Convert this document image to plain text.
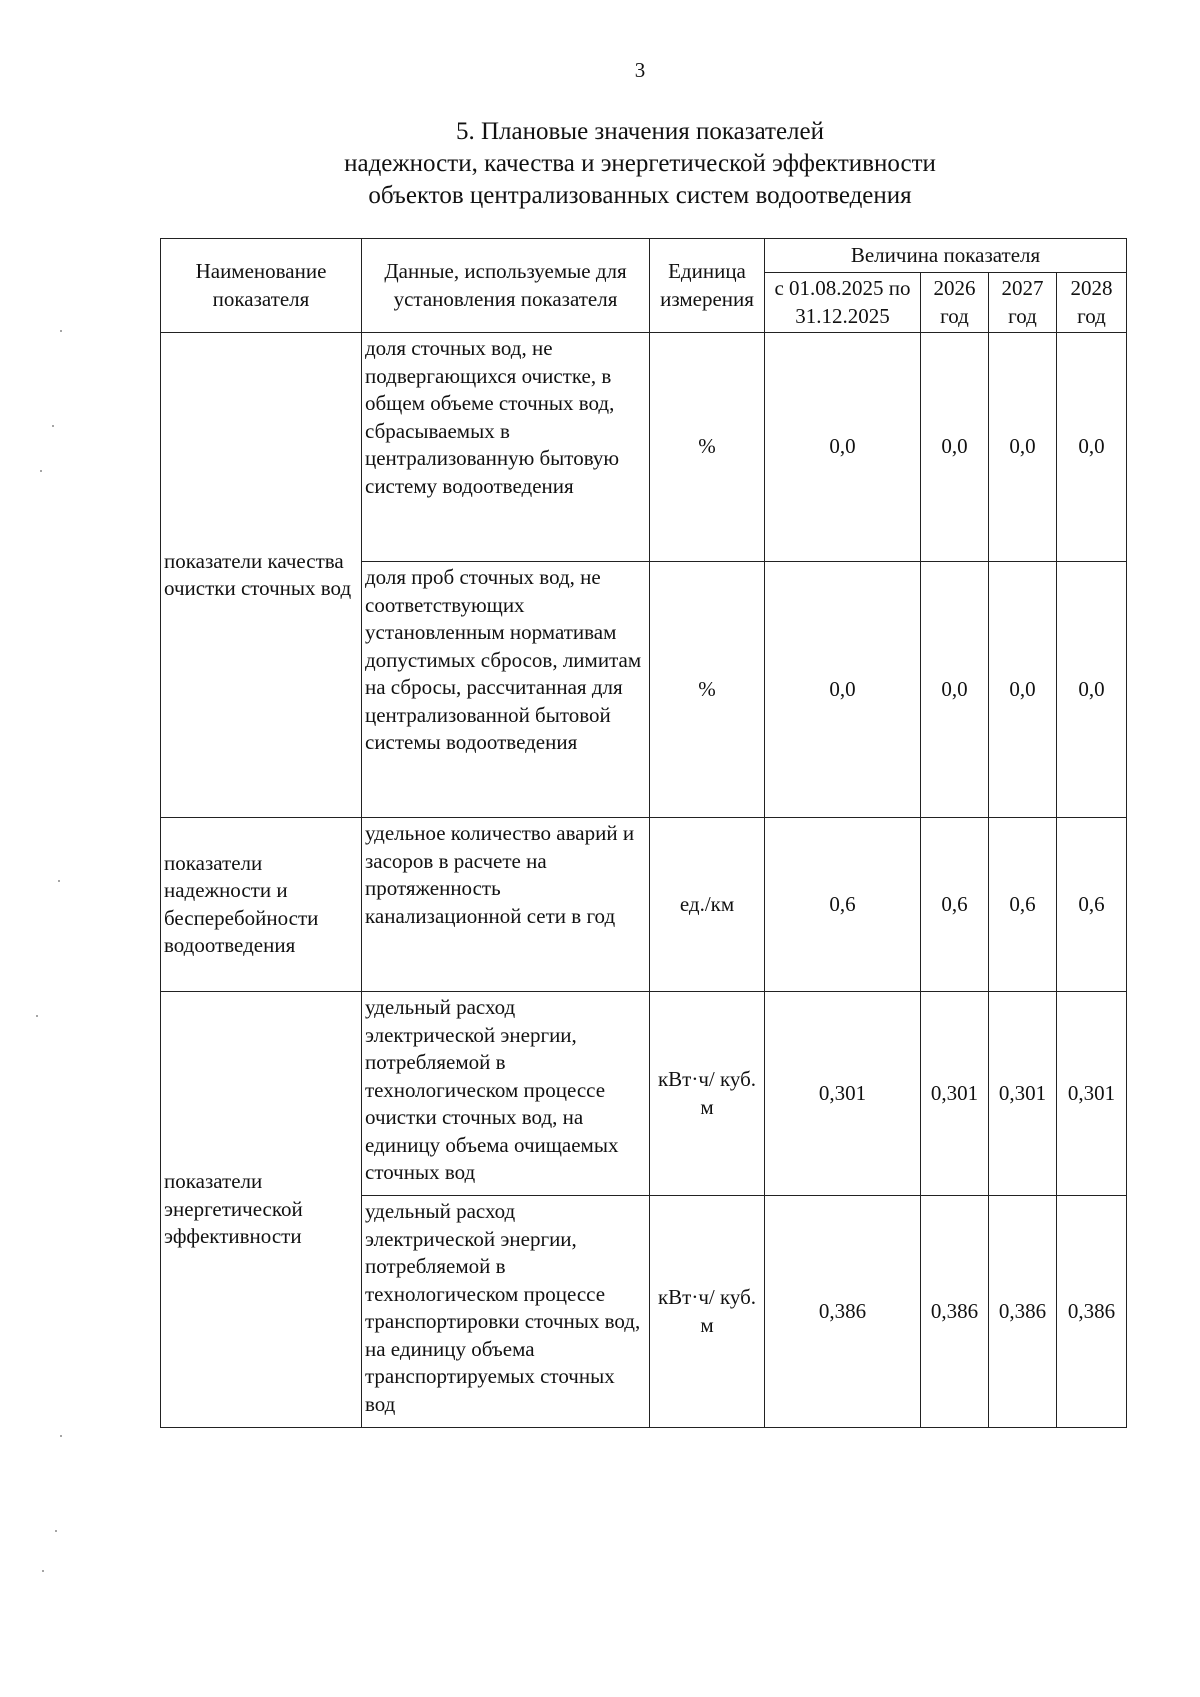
3
5. Плановые значения показателей
надежности, качества и энергетической эффективности
объектов централизованных систем водоотведения
Наименование показателя	Данные, используемые для установления показателя	Единица измерения	Величина показателя			
			с 01.08.2025 по 31.12.2025	2026 год	2027 год	2028 год
показатели качества очистки сточных вод	доля сточных вод, не подвергающихся очистке, в общем объеме сточных вод, сбрасываемых в централизованную бытовую систему водоотведения	%	0,0	0,0	0,0	0,0
	доля проб сточных вод, не соответствующих установленным нормативам допустимых сбросов, лимитам на сбросы, рассчитанная для централизованной бытовой системы водоотведения	%	0,0	0,0	0,0	0,0

показатели надежности и бесперебойности водоотведения	удельное количество аварий и засоров в расчете на протяженность канализационной сети в год	ед./км	0,6	0,6	0,6	0,6
показатели энергетической эффективности	удельный расход электрической энергии, потребляемой в технологическом процессе очистки сточных вод, на единицу объема очищаемых сточных вод	кВт·ч/ куб. м	0,301	0,301	0,301	0,301
	удельный расход электрической энергии, потребляемой в технологическом процессе транспортировки сточных вод, на единицу объема транспортируемых сточных вод	кВт·ч/ куб. м	0,386	0,386	0,386	0,386
